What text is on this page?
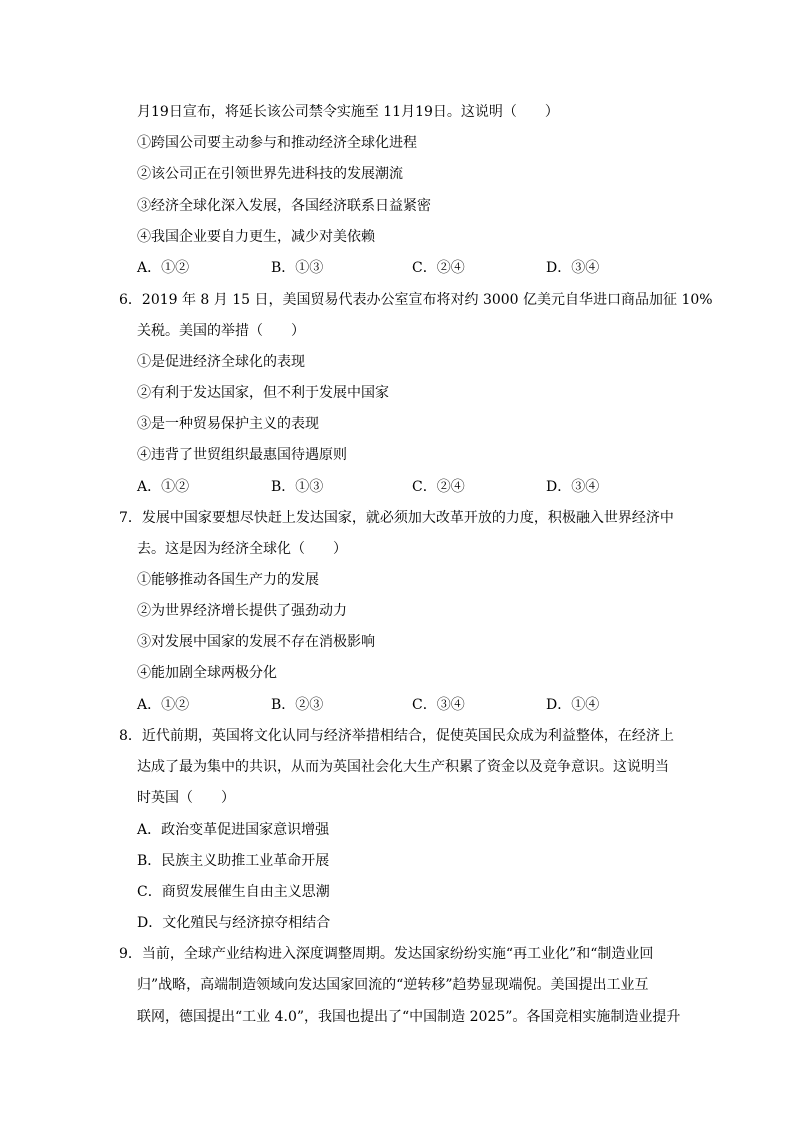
月19日宣布，将延长该公司禁令实施至 11月19日。这说明（　　）
①跨国公司要主动参与和推动经济全球化进程
②该公司正在引领世界先进科技的发展潮流
③经济全球化深入发展，各国经济联系日益紧密
④我国企业要自力更生，减少对美依赖
A．①②	B．①③	C．②④	D．③④
6．2019 年 8 月 15 日，美国贸易代表办公室宣布将对约 3000 亿美元自华进口商品加征 10%
关税。美国的举措（　　）
①是促进经济全球化的表现
②有利于发达国家，但不利于发展中国家
③是一种贸易保护主义的表现
④违背了世贸组织最惠国待遇原则
A．①②	B．①③	C．②④	D．③④
7．发展中国家要想尽快赶上发达国家，就必须加大改革开放的力度，积极融入世界经济中
去。这是因为经济全球化（　　）
①能够推动各国生产力的发展
②为世界经济增长提供了强劲动力
③对发展中国家的发展不存在消极影响
④能加剧全球两极分化
A．①②	B．②③	C．③④	D．①④
8．近代前期，英国将文化认同与经济举措相结合，促使英国民众成为利益整体，在经济上
达成了最为集中的共识，从而为英国社会化大生产积累了资金以及竞争意识。这说明当
时英国（　　）
A．政治变革促进国家意识增强
B．民族主义助推工业革命开展
C．商贸发展催生自由主义思潮
D．文化殖民与经济掠夺相结合
9．当前，全球产业结构进入深度调整周期。发达国家纷纷实施“再工业化”和“制造业回
归”战略，高端制造领域向发达国家回流的“逆转移”趋势显现端倪。美国提出工业互
联网，德国提出“工业 4.0”，我国也提出了“中国制造 2025”。各国竞相实施制造业提升
